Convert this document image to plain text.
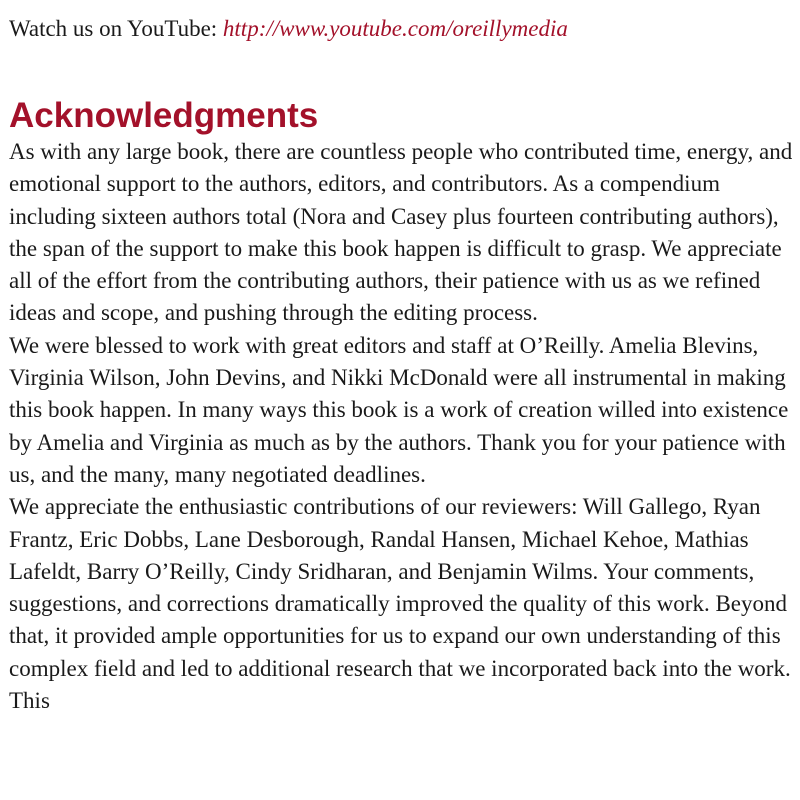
Watch us on YouTube: http://www.youtube.com/oreillymedia

Acknowledgments

As with any large book, there are countless people who contributed time, energy, and emotional support to the authors, editors, and contributors. As a compendium including sixteen authors total (Nora and Casey plus fourteen contributing authors), the span of the support to make this book happen is difficult to grasp. We appreciate all of the effort from the contributing authors, their patience with us as we refined ideas and scope, and pushing through the editing process.

We were blessed to work with great editors and staff at O’Reilly. Amelia Blevins, Virginia Wilson, John Devins, and Nikki McDonald were all instrumental in making this book happen. In many ways this book is a work of creation willed into existence by Amelia and Virginia as much as by the authors. Thank you for your patience with us, and the many, many negotiated deadlines.

We appreciate the enthusiastic contributions of our reviewers: Will Gallego, Ryan Frantz, Eric Dobbs, Lane Desborough, Randal Hansen, Michael Kehoe, Mathias Lafeldt, Barry O’Reilly, Cindy Sridharan, and Benjamin Wilms. Your comments, suggestions, and corrections dramatically improved the quality of this work. Beyond that, it provided ample opportunities for us to expand our own understanding of this complex field and led to additional research that we incorporated back into the work. This
